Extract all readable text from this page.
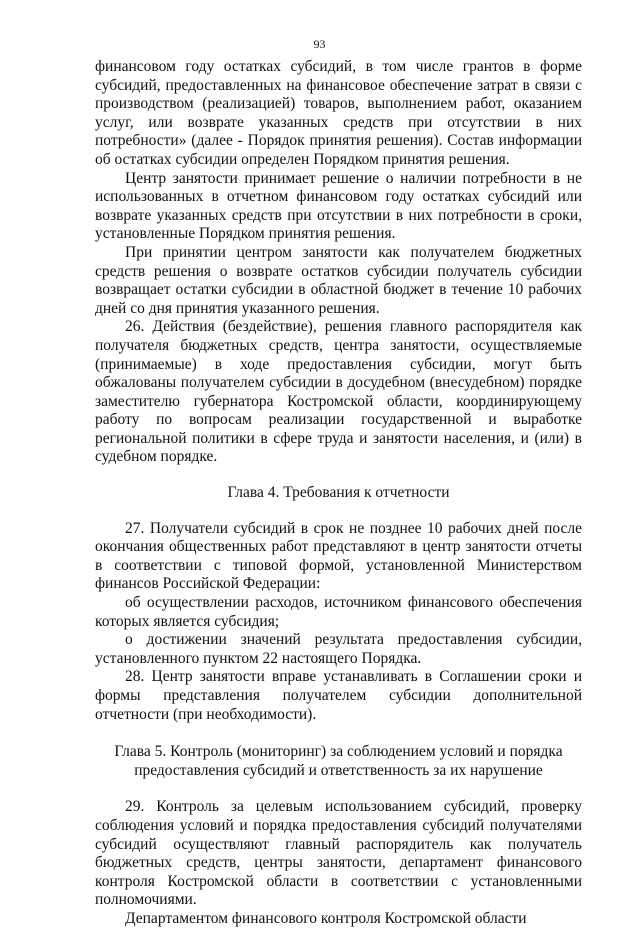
93

финансовом году остатках субсидий, в том числе грантов в форме субсидий, предоставленных на финансовое обеспечение затрат в связи с производством (реализацией) товаров, выполнением работ, оказанием услуг, или возврате указанных средств при отсутствии в них потребности» (далее - Порядок принятия решения). Состав информации об остатках субсидии определен Порядком принятия решения.

Центр занятости принимает решение о наличии потребности в не использованных в отчетном финансовом году остатках субсидий или возврате указанных средств при отсутствии в них потребности в сроки, установленные Порядком принятия решения.

При принятии центром занятости как получателем бюджетных средств решения о возврате остатков субсидии получатель субсидии возвращает остатки субсидии в областной бюджет в течение 10 рабочих дней со дня принятия указанного решения.

26. Действия (бездействие), решения главного распорядителя как получателя бюджетных средств, центра занятости, осуществляемые (принимаемые) в ходе предоставления субсидии, могут быть обжалованы получателем субсидии в досудебном (внесудебном) порядке заместителю губернатора Костромской области, координирующему работу по вопросам реализации государственной и выработке региональной политики в сфере труда и занятости населения, и (или) в судебном порядке.

Глава 4. Требования к отчетности

27. Получатели субсидий в срок не позднее 10 рабочих дней после окончания общественных работ представляют в центр занятости отчеты в соответствии с типовой формой, установленной Министерством финансов Российской Федерации:

об осуществлении расходов, источником финансового обеспечения которых является субсидия;

о достижении значений результата предоставления субсидии, установленного пунктом 22 настоящего Порядка.

28. Центр занятости вправе устанавливать в Соглашении сроки и формы представления получателем субсидии дополнительной отчетности (при необходимости).

Глава 5. Контроль (мониторинг) за соблюдением условий и порядка предоставления субсидий и ответственность за их нарушение

29. Контроль за целевым использованием субсидий, проверку соблюдения условий и порядка предоставления субсидий получателями субсидий осуществляют главный распорядитель как получатель бюджетных средств, центры занятости, департамент финансового контроля Костромской области в соответствии с установленными полномочиями.

Департаментом финансового контроля Костромской области
